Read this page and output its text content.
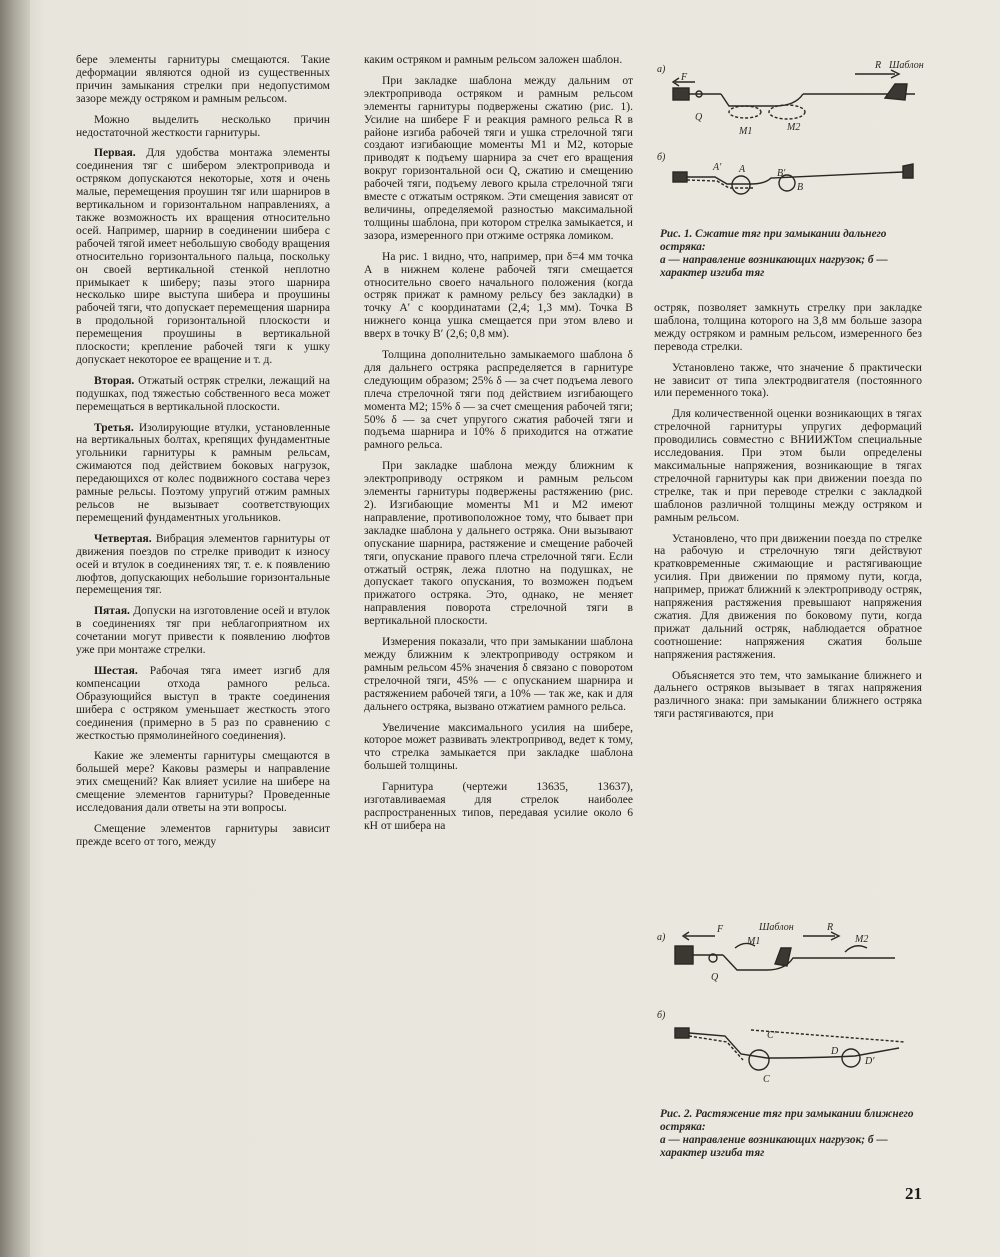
бере элементы гарнитуры смещаются. Такие деформации являются одной из существенных причин замыкания стрелки при недопустимом зазоре между остряком и рамным рельсом.

Можно выделить несколько причин недостаточной жесткости гарнитуры.

Первая. Для удобства монтажа элементы соединения тяг с шибером электропривода и остряком допускаются некоторые, хотя и очень малые, перемещения проушин тяг или шарниров в вертикальном и горизонтальном направлениях, а также возможность их вращения относительно осей. Например, шарнир в соединении шибера с рабочей тягой имеет небольшую свободу вращения относительно горизонтального пальца, поскольку он своей вертикальной стенкой неплотно примыкает к шиберу; пазы этого шарнира несколько шире выступа шибера и проушины рабочей тяги, что допускает перемещения шарнира в продольной горизонтальной плоскости и перемещения проушины в вертикальной плоскости; крепление рабочей тяги к ушку допускает некоторое ее вращение и т. д.

Вторая. Отжатый остряк стрелки, лежащий на подушках, под тяжестью собственного веса может перемещаться в вертикальной плоскости.

Третья. Изолирующие втулки, установленные на вертикальных болтах, крепящих фундаментные угольники гарнитуры к рамным рельсам, сжимаются под действием боковых нагрузок, передающихся от колес подвижного состава через рамные рельсы. Поэтому упругий отжим рамных рельсов не вызывает соответствующих перемещений фундаментных угольников.

Четвертая. Вибрация элементов гарнитуры от движения поездов по стрелке приводит к износу осей и втулок в соединениях тяг, т. е. к появлению люфтов, допускающих небольшие горизонтальные перемещения тяг.

Пятая. Допуски на изготовление осей и втулок в соединениях тяг при неблагоприятном их сочетании могут привести к появлению люфтов уже при монтаже стрелки.

Шестая. Рабочая тяга имеет изгиб для компенсации отхода рамного рельса. Образующийся выступ в тракте соединения шибера с остряком уменьшает жесткость этого соединения (примерно в 5 раз по сравнению с жесткостью прямолинейного соединения).

Какие же элементы гарнитуры смещаются в большей мере? Каковы размеры и направление этих смещений? Как влияет усилие на шибере на смещение элементов гарнитуры? Проведенные исследования дали ответы на эти вопросы.

Смещение элементов гарнитуры зависит прежде всего от того, между

каким остряком и рамным рельсом заложен шаблон.

При закладке шаблона между дальним от электропривода остряком и рамным рельсом элементы гарнитуры подвержены сжатию (рис. 1). Усилие на шибере F и реакция рамного рельса R в районе изгиба рабочей тяги и ушка стрелочной тяги создают изгибающие моменты M1 и M2, которые приводят к подъему шарнира за счет его вращения вокруг горизонтальной оси Q, сжатию и смещению рабочей тяги, подъему левого крыла стрелочной тяги вместе с отжатым остряком. Эти смещения зависят от величины, определяемой разностью максимальной толщины шаблона, при котором стрелка замыкается, и зазора, измеренного при отжиме остряка ломиком.

На рис. 1 видно, что, например, при δ=4 мм точка A в нижнем колене рабочей тяги смещается относительно своего начального положения (когда остряк прижат к рамному рельсу без закладки) в точку A′ с координатами (2,4; 1,3 мм). Точка B нижнего конца ушка смещается при этом влево и вверх в точку B′ (2,6; 0,8 мм).

Толщина дополнительно замыкаемого шаблона δ для дальнего остряка распределяется в гарнитуре следующим образом; 25% δ — за счет подъема левого плеча стрелочной тяги под действием изгибающего момента M2; 15% δ — за счет смещения рабочей тяги; 50% δ — за счет упругого сжатия рабочей тяги и подъема шарнира и 10% δ приходится на отжатие рамного рельса.

При закладке шаблона между ближним к электроприводу остряком и рамным рельсом элементы гарнитуры подвержены растяжению (рис. 2). Изгибающие моменты M1 и M2 имеют направление, противоположное тому, что бывает при закладке шаблона у дальнего остряка. Они вызывают опускание шарнира, растяжение и смещение рабочей тяги, опускание правого плеча стрелочной тяги. Если отжатый остряк, лежа плотно на подушках, не допускает такого опускания, то возможен подъем прижатого остряка. Это, однако, не меняет направления поворота стрелочной тяги в вертикальной плоскости.

Измерения показали, что при замыкании шаблона между ближним к электроприводу остряком и рамным рельсом 45% значения δ связано с поворотом стрелочной тяги, 45% — с опусканием шарнира и растяжением рабочей тяги, а 10% — так же, как и для дальнего остряка, вызвано отжатием рамного рельса.

Увеличение максимального усилия на шибере, которое может развивать электропривод, ведет к тому, что стрелка замыкается при закладке шаблона большей толщины.

Гарнитура (чертежи 13635, 13637), изготавливаемая для стрелок наиболее распространенных типов, передавая усилие около 6 кН от шибера на

остряк, позволяет замкнуть стрелку при закладке шаблона, толщина которого на 3,8 мм больше зазора между остряком и рамным рельсом, измеренного без перевода стрелки.

Установлено также, что значение δ практически не зависит от типа электродвигателя (постоянного или переменного тока).

Для количественной оценки возникающих в тягах стрелочной гарнитуры упругих деформаций проводились совместно с ВНИИЖТом специальные исследования. При этом были определены максимальные напряжения, возникающие в тягах стрелочной гарнитуры как при движении поезда по стрелке, так и при переводе стрелки с закладкой шаблонов различной толщины между остряком и рамным рельсом.

Установлено, что при движении поезда по стрелке на рабочую и стрелочную тяги действуют кратковременные сжимающие и растягивающие усилия. При движении по прямому пути, когда, например, прижат ближний к электроприводу остряк, напряжения растяжения превышают напряжения сжатия. Для движения по боковому пути, когда прижат дальний остряк, наблюдается обратное соотношение: напряжения сжатия больше напряжения растяжения.

Объясняется это тем, что замыкание ближнего и дальнего остряков вызывает в тягах напряжения различного знака: при замыкании ближнего остряка тяги растягиваются, при

а)
F
R Шаблон
Q
M1	M2
б)
A′ A	B′
B
Рис. 1. Сжатие тяг при замыкании дальнего остряка:
а — направление возникающих нагрузок; б — характер изгиба тяг
а)
F	Шаблон	R
M1	M2
Q
б)
C′
C
D
D′
Рис. 2. Растяжение тяг при замыкании ближнего остряка:
а — направление возникающих нагрузок; б — характер изгиба тяг
21
